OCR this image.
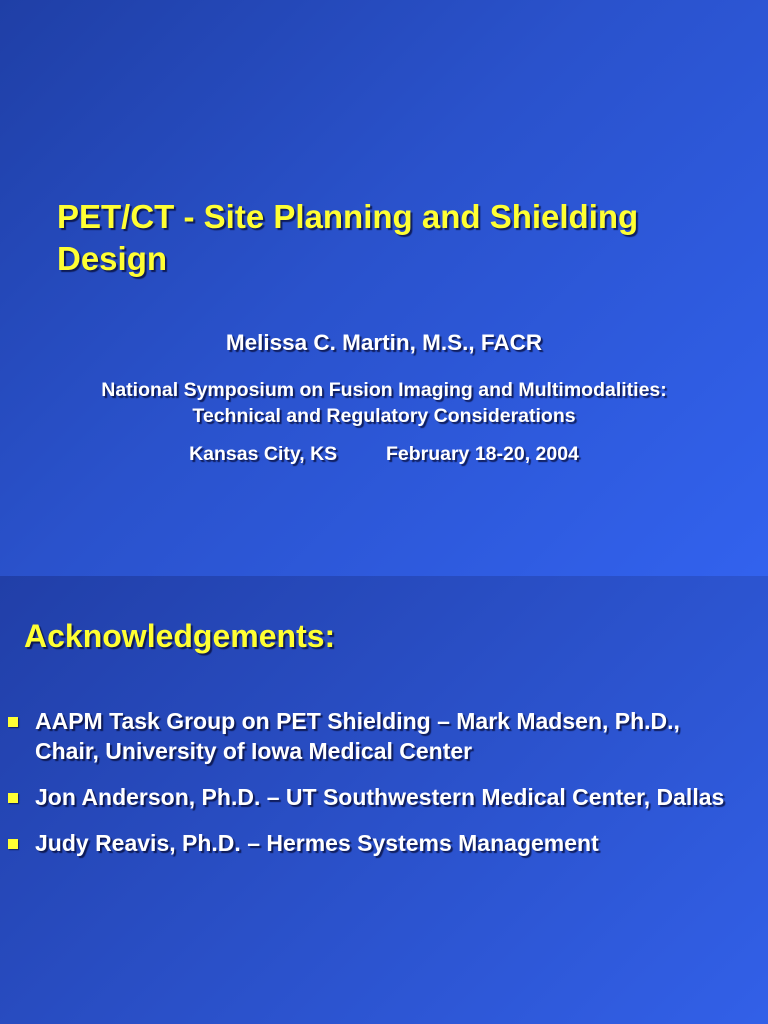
PET/CT - Site Planning and Shielding
Design
Melissa C. Martin, M.S., FACR
National Symposium on Fusion Imaging and Multimodalities:
Technical and Regulatory Considerations
Kansas City, KS	February 18-20, 2004
Acknowledgements:
AAPM Task Group on PET Shielding – Mark Madsen, Ph.D., Chair, University of Iowa Medical Center
Jon Anderson, Ph.D. – UT Southwestern Medical Center, Dallas
Judy Reavis, Ph.D. – Hermes Systems Management
